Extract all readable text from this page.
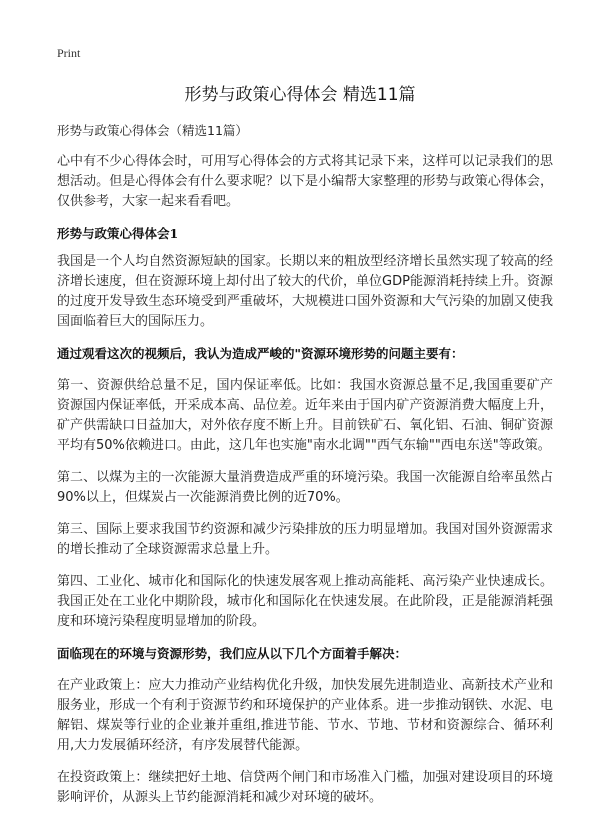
Print
形势与政策心得体会 精选11篇
形势与政策心得体会（精选11篇）

心中有不少心得体会时，可用写心得体会的方式将其记录下来，这样可以记录我们的思想活动。但是心得体会有什么要求呢？以下是小编帮大家整理的形势与政策心得体会，仅供参考，大家一起来看看吧。

形势与政策心得体会1

我国是一个人均自然资源短缺的国家。长期以来的粗放型经济增长虽然实现了较高的经济增长速度，但在资源环境上却付出了较大的代价，单位GDP能源消耗持续上升。资源的过度开发导致生态环境受到严重破坏，大规模进口国外资源和大气污染的加剧又使我国面临着巨大的国际压力。

通过观看这次的视频后，我认为造成严峻的"资源环境形势的问题主要有：

第一、资源供给总量不足，国内保证率低。比如：我国水资源总量不足,我国重要矿产资源国内保证率低，开采成本高、品位差。近年来由于国内矿产资源消费大幅度上升，矿产供需缺口日益加大，对外依存度不断上升。目前铁矿石、氧化铝、石油、铜矿资源平均有50%依赖进口。由此，这几年也实施"南水北调""西气东输""西电东送"等政策。

第二、以煤为主的一次能源大量消费造成严重的环境污染。我国一次能源自给率虽然占90%以上，但煤炭占一次能源消费比例的近70%。

第三、国际上要求我国节约资源和减少污染排放的压力明显增加。我国对国外资源需求的增长推动了全球资源需求总量上升。

第四、工业化、城市化和国际化的快速发展客观上推动高能耗、高污染产业快速成长。我国正处在工业化中期阶段，城市化和国际化在快速发展。在此阶段，正是能源消耗强度和环境污染程度明显增加的阶段。

面临现在的环境与资源形势，我们应从以下几个方面着手解决：

在产业政策上：应大力推动产业结构优化升级，加快发展先进制造业、高新技术产业和服务业，形成一个有利于资源节约和环境保护的产业体系。进一步推动钢铁、水泥、电解铝、煤炭等行业的企业兼并重组,推进节能、节水、节地、节材和资源综合、循环利用,大力发展循环经济，有序发展替代能源。

在投资政策上：继续把好土地、信贷两个闸门和市场准入门槛，加强对建设项目的环境影响评价，从源头上节约能源消耗和减少对环境的破坏。
